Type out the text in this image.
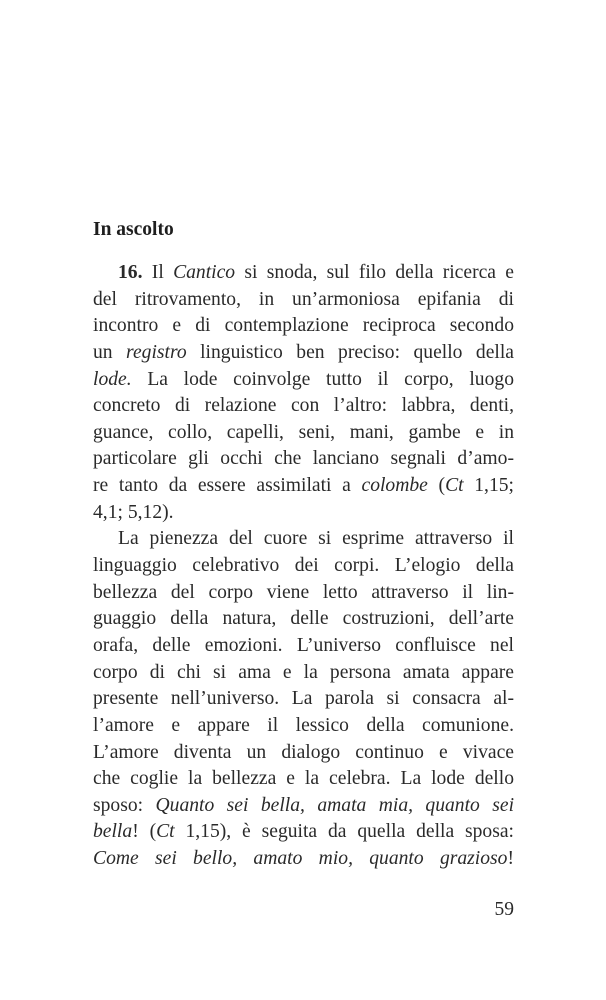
In ascolto
16. Il Cantico si snoda, sul filo della ricerca e
del ritrovamento, in un’armoniosa epifania di
incontro e di contemplazione reciproca secondo
un registro linguistico ben preciso: quello della
lode. La lode coinvolge tutto il corpo, luogo
concreto di relazione con l’altro: labbra, denti,
guance, collo, capelli, seni, mani, gambe e in
particolare gli occhi che lanciano segnali d’amo-
re tanto da essere assimilati a colombe (Ct 1,15;
4,1; 5,12).
La pienezza del cuore si esprime attraverso il
linguaggio celebrativo dei corpi. L’elogio della
bellezza del corpo viene letto attraverso il lin-
guaggio della natura, delle costruzioni, dell’arte
orafa, delle emozioni. L’universo confluisce nel
corpo di chi si ama e la persona amata appare
presente nell’universo. La parola si consacra al-
l’amore e appare il lessico della comunione.
L’amore diventa un dialogo continuo e vivace
che coglie la bellezza e la celebra. La lode dello
sposo: Quanto sei bella, amata mia, quanto sei
bella! (Ct 1,15), è seguita da quella della sposa:
Come sei bello, amato mio, quanto grazioso!
59
